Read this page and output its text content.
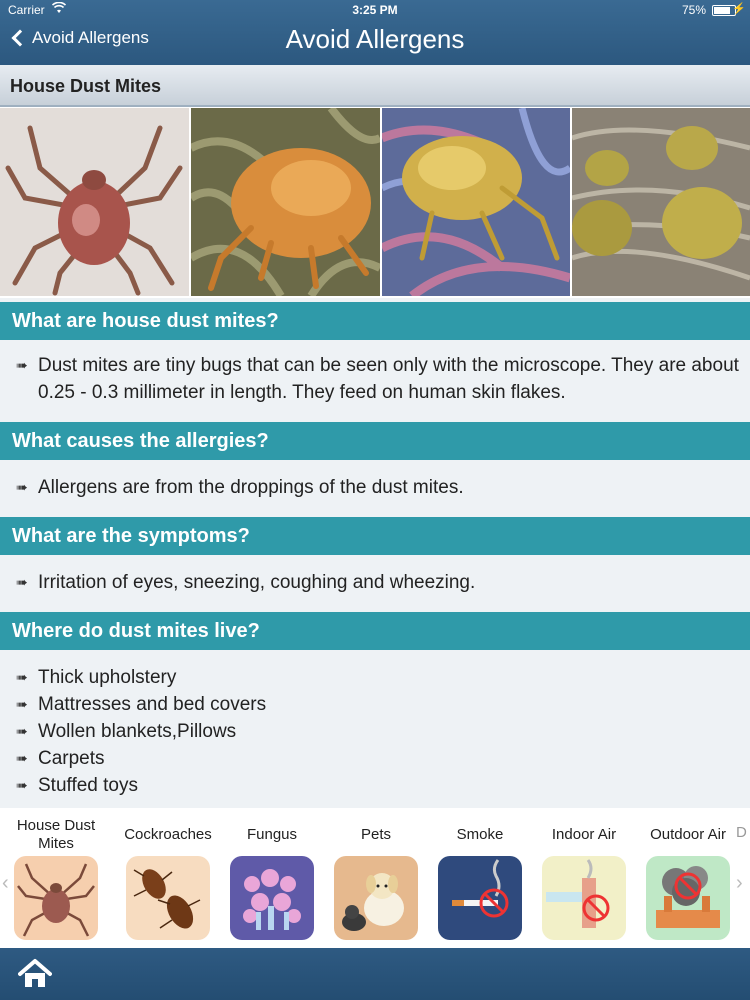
Carrier	3:25 PM	75% ⚡
Avoid Allergens	Avoid Allergens
House Dust Mites
What are house dust mites?
➠ Dust mites are tiny bugs that can be seen only with the microscope. They are about 0.25 - 0.3 millimeter in length. They feed on human skin flakes.
What causes the allergies?
➠ Allergens are from the droppings of the dust mites.
What are the symptoms?
➠ Irritation of eyes, sneezing, coughing and wheezing.
Where do dust mites live?
➠ Thick upholstery
➠ Mattresses and bed covers
➠ Wollen blankets,Pillows
➠ Carpets
➠ Stuffed toys
‹
House Dust Mites
Cockroaches	Fungus	Pets	Smoke	Indoor Air	Outdoor Air D
›
